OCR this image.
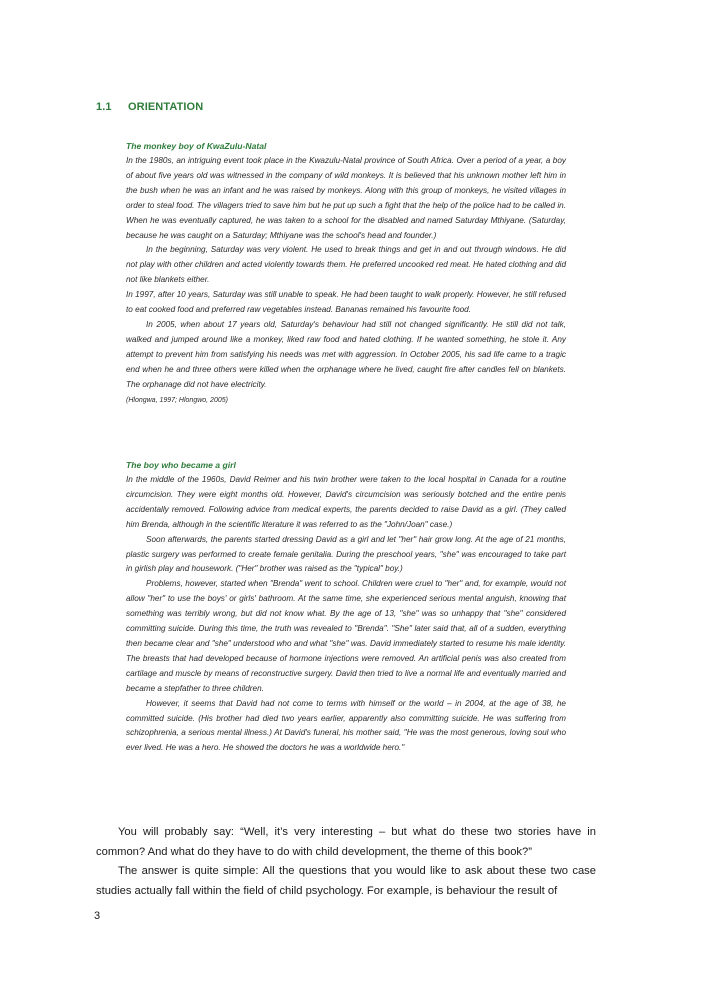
1.1 ORIENTATION
The monkey boy of KwaZulu-Natal

In the 1980s, an intriguing event took place in the Kwazulu-Natal province of South Africa. Over a period of a year, a boy of about five years old was witnessed in the company of wild monkeys. It is believed that his unknown mother left him in the bush when he was an infant and he was raised by monkeys. Along with this group of monkeys, he visited villages in order to steal food. The villagers tried to save him but he put up such a fight that the help of the police had to be called in. When he was eventually captured, he was taken to a school for the disabled and named Saturday Mthiyane. (Saturday, because he was caught on a Saturday; Mthiyane was the school's head and founder.)

In the beginning, Saturday was very violent. He used to break things and get in and out through windows. He did not play with other children and acted violently towards them. He preferred uncooked red meat. He hated clothing and did not like blankets either.

In 1997, after 10 years, Saturday was still unable to speak. He had been taught to walk properly. However, he still refused to eat cooked food and preferred raw vegetables instead. Bananas remained his favourite food.

In 2005, when about 17 years old, Saturday's behaviour had still not changed significantly. He still did not talk, walked and jumped around like a monkey, liked raw food and hated clothing. If he wanted something, he stole it. Any attempt to prevent him from satisfying his needs was met with aggression. In October 2005, his sad life came to a tragic end when he and three others were killed when the orphanage where he lived, caught fire after candles fell on blankets. The orphanage did not have electricity.

(Hlongwa, 1997; Hlongwo, 2005)

The boy who became a girl

In the middle of the 1960s, David Reimer and his twin brother were taken to the local hospital in Canada for a routine circumcision. They were eight months old. However, David's circumcision was seriously botched and the entire penis accidentally removed. Following advice from medical experts, the parents decided to raise David as a girl. (They called him Brenda, although in the scientific literature it was referred to as the "John/Joan" case.)

Soon afterwards, the parents started dressing David as a girl and let "her" hair grow long. At the age of 21 months, plastic surgery was performed to create female genitalia. During the preschool years, "she" was encouraged to take part in girlish play and housework. ("Her" brother was raised as the "typical" boy.)

Problems, however, started when "Brenda" went to school. Children were cruel to "her" and, for example, would not allow "her" to use the boys' or girls' bathroom. At the same time, she experienced serious mental anguish, knowing that something was terribly wrong, but did not know what. By the age of 13, "she" was so unhappy that "she" considered committing suicide. During this time, the truth was revealed to "Brenda". "She" later said that, all of a sudden, everything then became clear and "she" understood who and what "she" was. David immediately started to resume his male identity. The breasts that had developed because of hormone injections were removed. An artificial penis was also created from cartilage and muscle by means of reconstructive surgery. David then tried to live a normal life and eventually married and became a stepfather to three children.

However, it seems that David had not come to terms with himself or the world – in 2004, at the age of 38, he committed suicide. (His brother had died two years earlier, apparently also committing suicide. He was suffering from schizophrenia, a serious mental illness.) At David's funeral, his mother said, "He was the most generous, loving soul who ever lived. He was a hero. He showed the doctors he was a worldwide hero."

You will probably say: “Well, it’s very interesting – but what do these two stories have in common? And what do they have to do with child development, the theme of this book?”

The answer is quite simple: All the questions that you would like to ask about these two case studies actually fall within the field of child psychology. For example, is behaviour the result of

3
